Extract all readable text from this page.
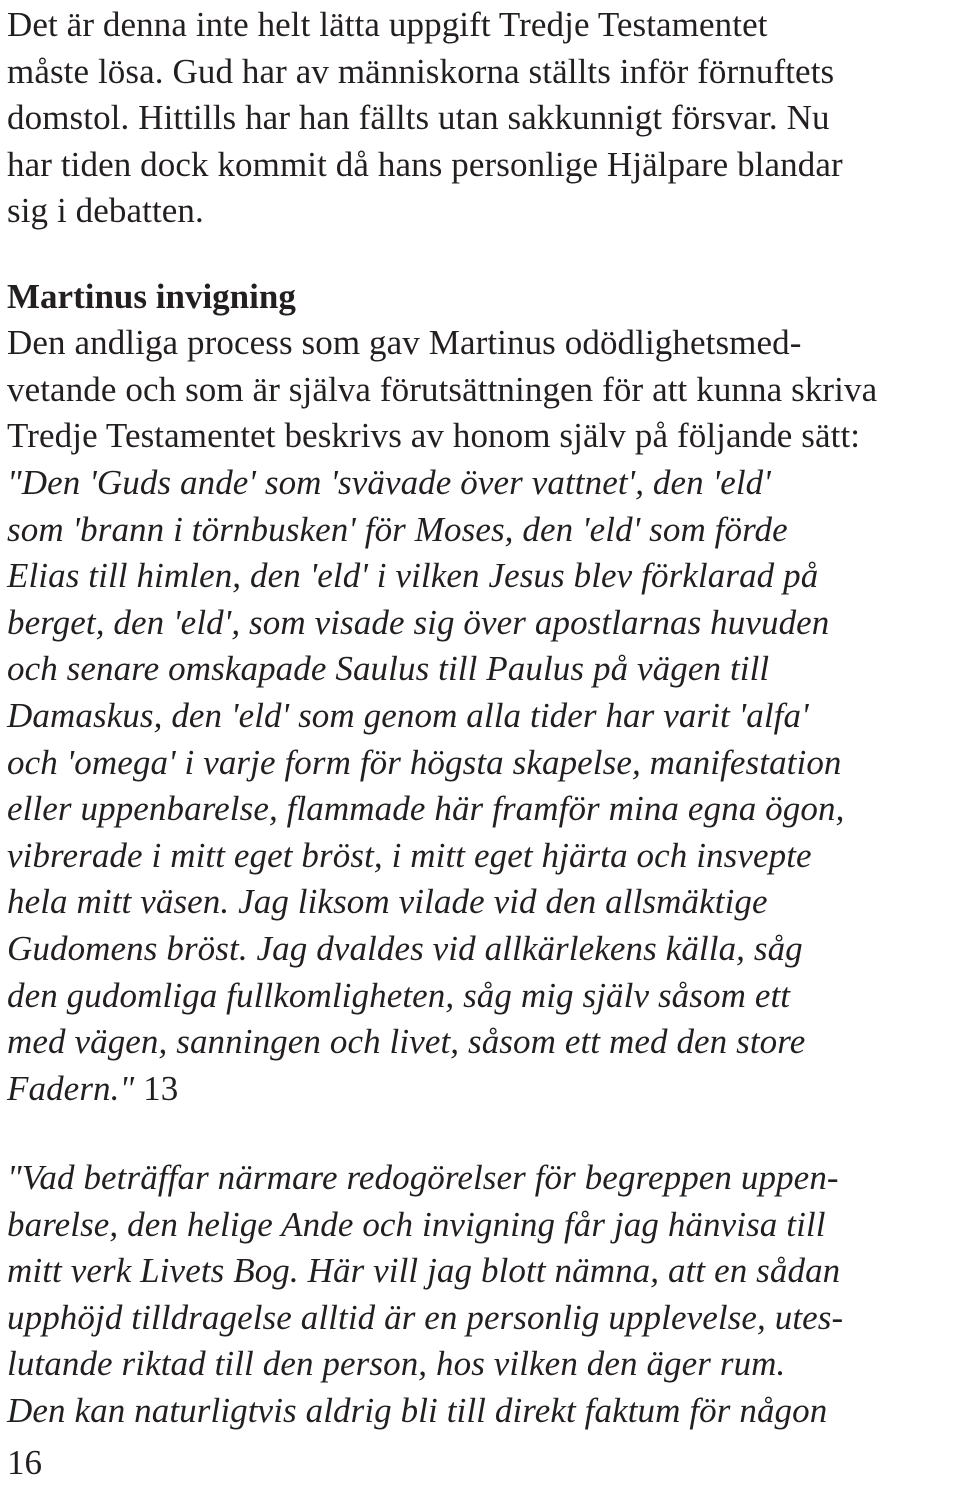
Det är denna inte helt lätta uppgift Tredje Testamentet
måste lösa. Gud har av människorna ställts inför förnuftets
domstol. Hittills har han fällts utan sakkunnigt försvar. Nu
har tiden dock kommit då hans personlige Hjälpare blandar
sig i debatten.
Martinus invigning
Den andliga process som gav Martinus odödlighetsmed-
vetande och som är själva förutsättningen för att kunna skriva
Tredje Testamentet beskrivs av honom själv på följande sätt:
"Den 'Guds ande' som 'svävade över vattnet', den 'eld'
som 'brann i törnbusken' för Moses, den 'eld' som förde
Elias till himlen, den 'eld' i vilken Jesus blev förklarad på
berget, den 'eld', som visade sig över apostlarnas huvuden
och senare omskapade Saulus till Paulus på vägen till
Damaskus, den 'eld' som genom alla tider har varit 'alfa'
och 'omega' i varje form för högsta skapelse, manifestation
eller uppenbarelse, flammade här framför mina egna ögon,
vibrerade i mitt eget bröst, i mitt eget hjärta och insvepte
hela mitt väsen. Jag liksom vilade vid den allsmäktige
Gudomens bröst. Jag dvaldes vid allkärlekens källa, såg
den gudomliga fullkomligheten, såg mig själv såsom ett
med vägen, sanningen och livet, såsom ett med den store
Fadern." 13
"Vad beträffar närmare redogörelser för begreppen uppen-
barelse, den helige Ande och invigning får jag hänvisa till
mitt verk Livets Bog. Här vill jag blott nämna, att en sådan
upphöjd tilldragelse alltid är en personlig upplevelse, utes-
lutande riktad till den person, hos vilken den äger rum.
Den kan naturligtvis aldrig bli till direkt faktum för någon
16
